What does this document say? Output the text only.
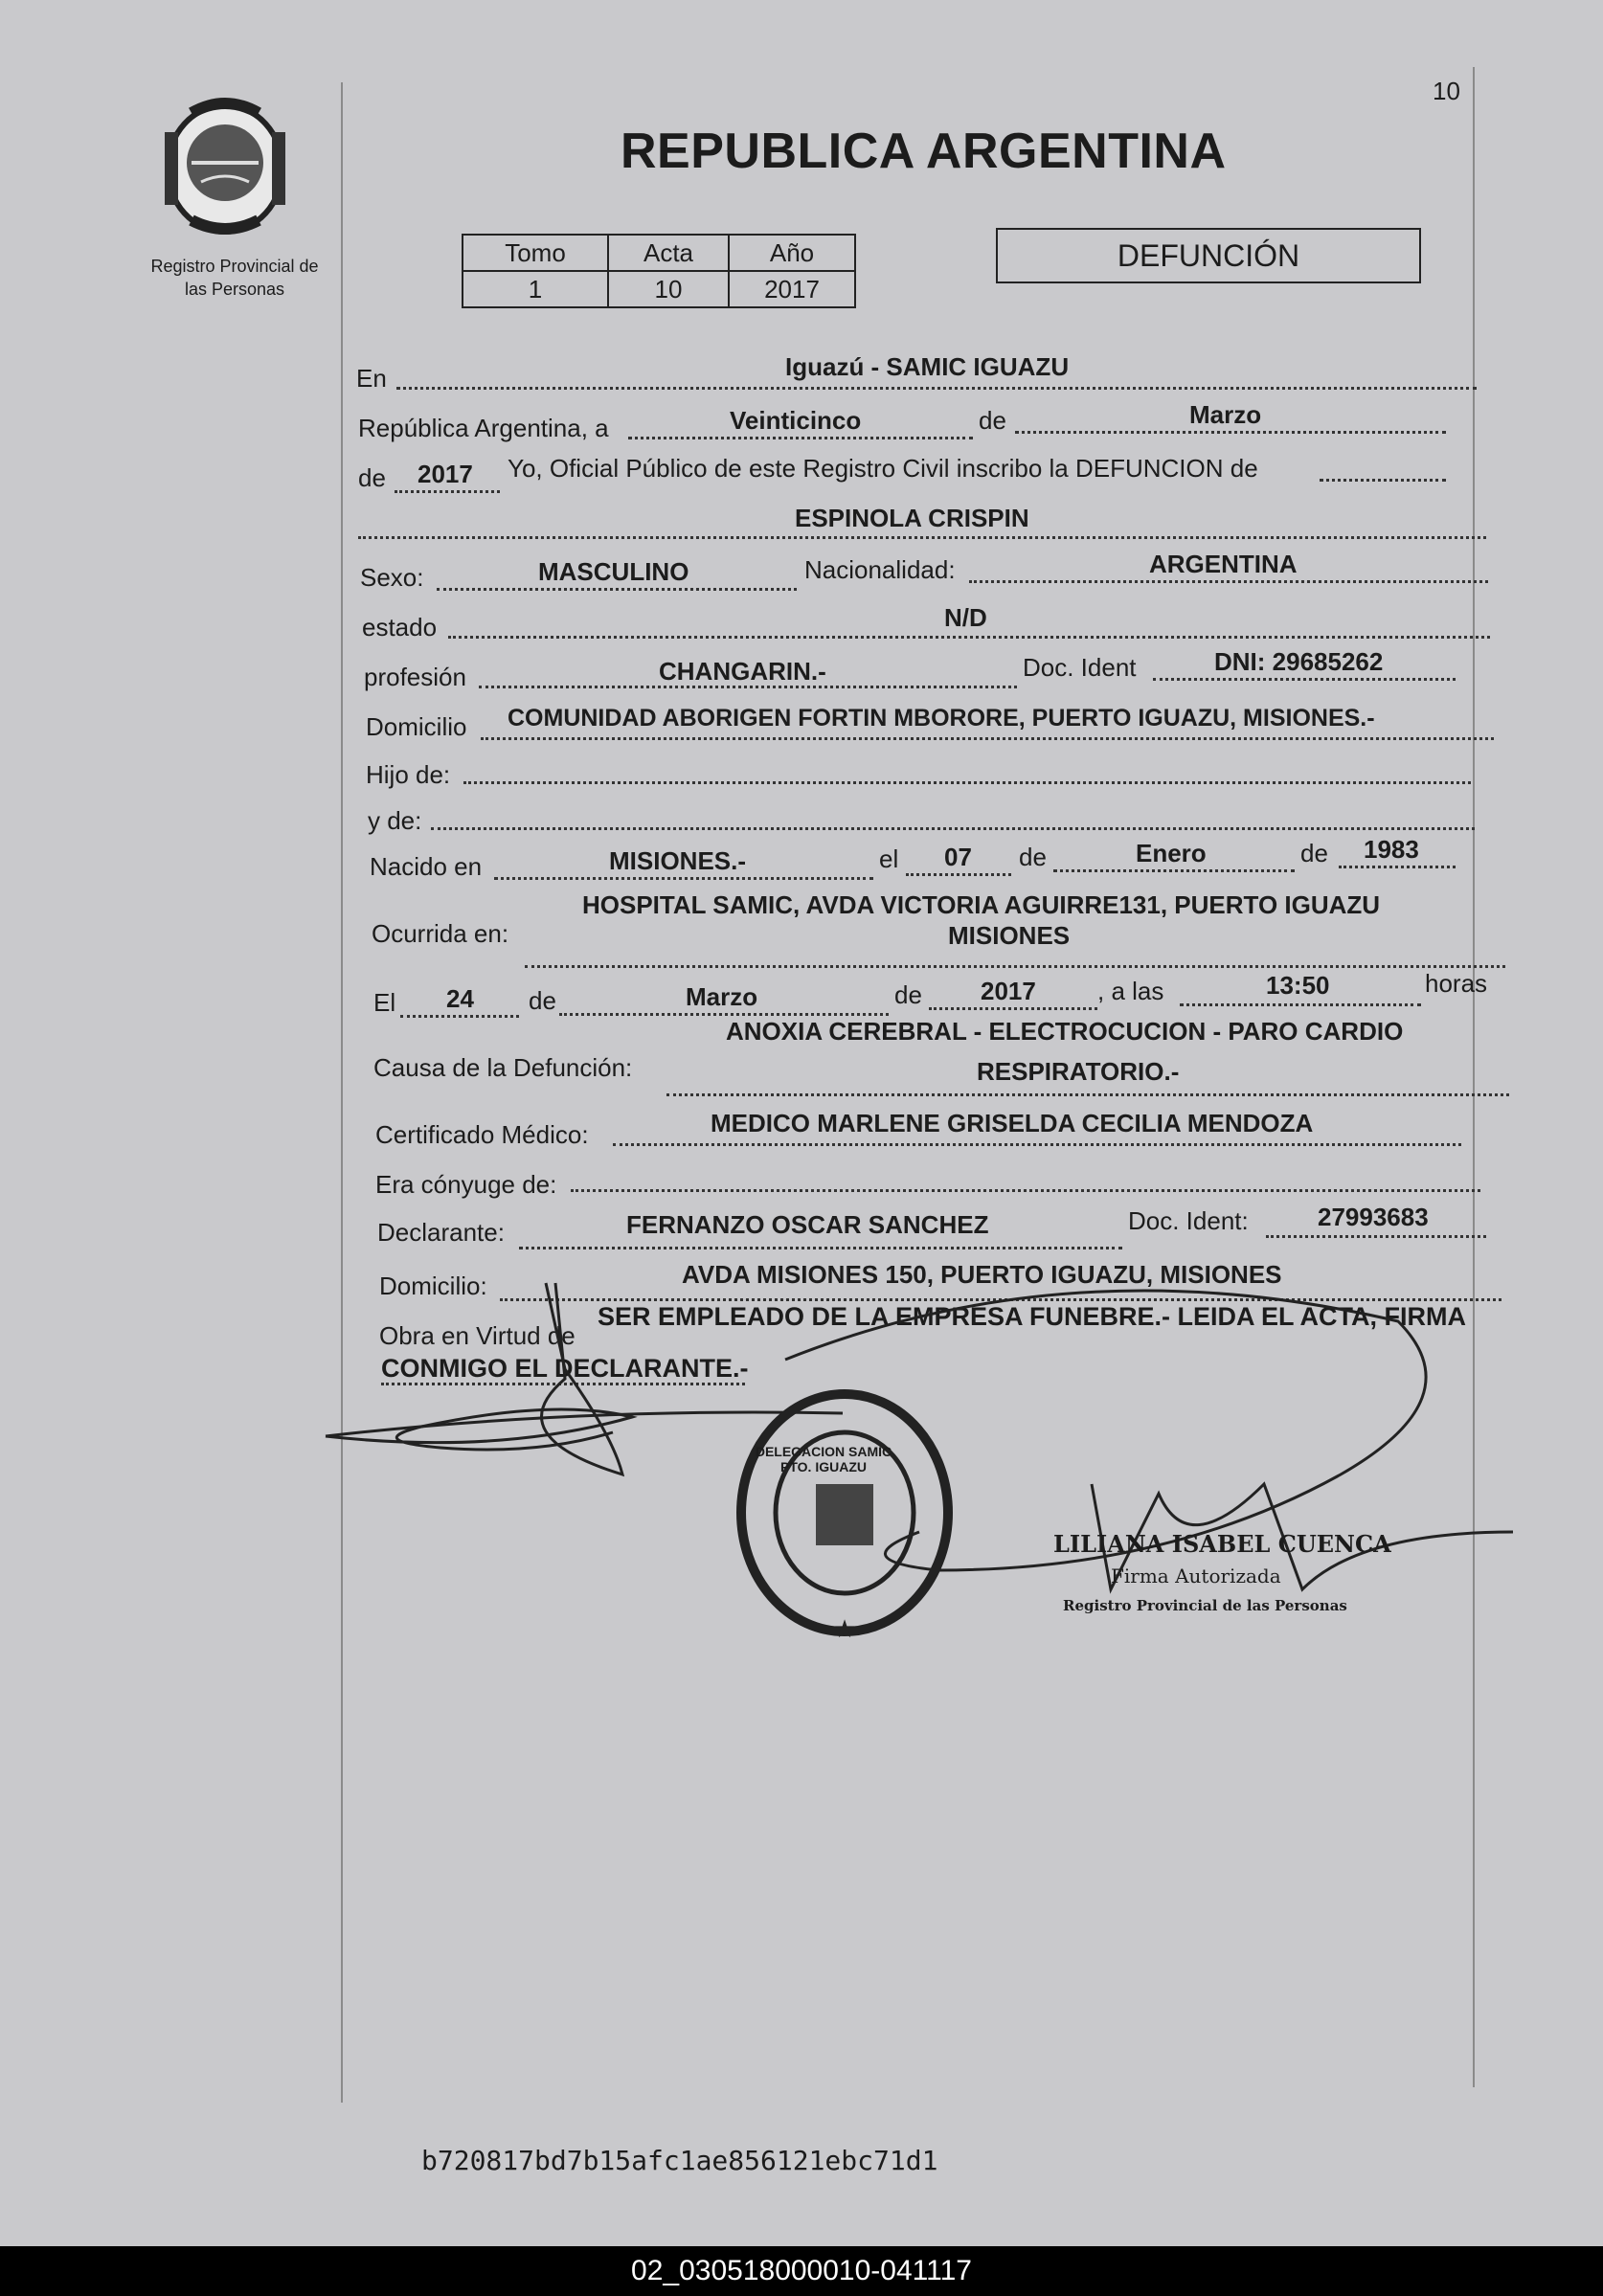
10
Registro Provincial de
las Personas
REPUBLICA ARGENTINA
Tomo	Acta	Año
1	10	2017
DEFUNCIÓN
En	Iguazú - SAMIC IGUAZU
República Argentina, a	Veinticinco	de	Marzo
de 2017 Yo, Oficial Público de este Registro Civil inscribo la DEFUNCION de
ESPINOLA CRISPIN
Sexo:	MASCULINO	Nacionalidad:	ARGENTINA
estado	N/D
profesión	CHANGARIN.-	Doc. Ident	DNI: 29685262
Domicilio COMUNIDAD ABORIGEN FORTIN MBORORE, PUERTO IGUAZU, MISIONES.-
Hijo de:
y de:
Nacido en	MISIONES.-	el 07 de	Enero	de 1983
Ocurrida en:
HOSPITAL SAMIC, AVDA VICTORIA AGUIRRE131, PUERTO IGUAZU
MISIONES
El 24 de	Marzo	de 2017 , a las	13:50	horas
Causa de la Defunción:
ANOXIA CEREBRAL - ELECTROCUCION - PARO CARDIO
RESPIRATORIO.-
Certificado Médico:	MEDICO MARLENE GRISELDA CECILIA MENDOZA
Era cónyuge de:
Declarante:	FERNANZO OSCAR SANCHEZ	Doc. Ident:	27993683
Domicilio:	AVDA MISIONES 150, PUERTO IGUAZU, MISIONES
Obra en Virtud de
SER EMPLEADO DE LA EMPRESA FUNEBRE.- LEIDA EL ACTA, FIRMA
CONMIGO EL DECLARANTE.-
★
DELEGACION SAMIC PTO. IGUAZU
LILIANA ISABEL CUENCA
Firma Autorizada
Registro Provincial de las Personas
b720817bd7b15afc1ae856121ebc71d1
02_030518000010-041117
